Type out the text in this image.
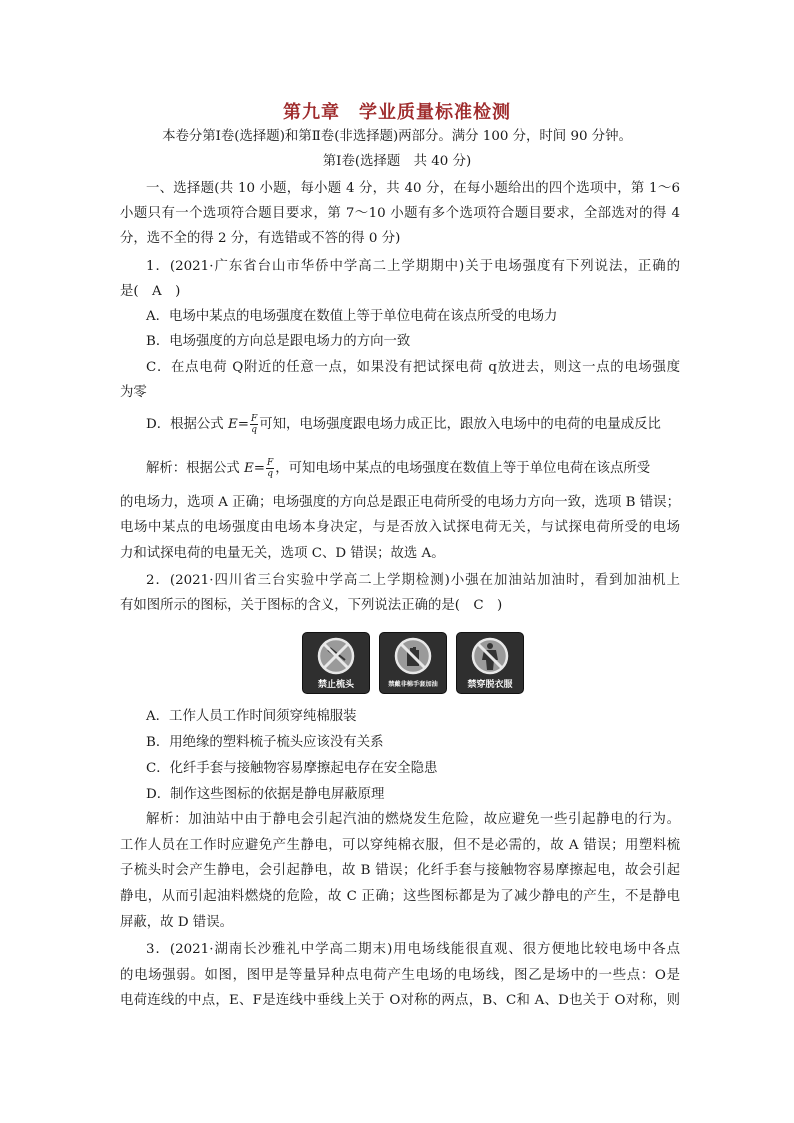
第九章　学业质量标准检测
本卷分第Ⅰ卷(选择题)和第Ⅱ卷(非选择题)两部分。满分 100 分，时间 90 分钟。
第Ⅰ卷(选择题　共 40 分)
一、选择题(共 10 小题，每小题 4 分，共 40 分，在每小题给出的四个选项中，第 1～6
小题只有一个选项符合题目要求，第 7～10 小题有多个选项符合题目要求，全部选对的得 4
分，选不全的得 2 分，有选错或不答的得 0 分)
1．(2021·广东省台山市华侨中学高二上学期期中)关于电场强度有下列说法，正确的
是(　A　)
A．电场中某点的电场强度在数值上等于单位电荷在该点所受的电场力
B．电场强度的方向总是跟电场力的方向一致
C．在点电荷 Q附近的任意一点，如果没有把试探电荷 q放进去，则这一点的电场强度
为零
D．根据公式 $E= \frac{F}{q}$ 可知，电场强度跟电场力成正比，跟放入电场中的电荷的电量成反比
解析：根据公式 $E= \frac{F}{q}$ ，可知电场中某点的电场强度在数值上等于单位电荷在该点所受
的电场力，选项 A 正确；电场强度的方向总是跟正电荷所受的电场力方向一致，选项 B 错误；
电场中某点的电场强度由电场本身决定，与是否放入试探电荷无关，与试探电荷所受的电场
力和试探电荷的电量无关，选项 C、D 错误；故选 A。
2．(2021·四川省三台实验中学高二上学期检测)小强在加油站加油时，看到加油机上
有如图所示的图标，关于图标的含义，下列说法正确的是(　C　)
禁止梳头	禁戴非棉手套加油	禁穿脱衣服
A．工作人员工作时间须穿纯棉服装
B．用绝缘的塑料梳子梳头应该没有关系
C．化纤手套与接触物容易摩擦起电存在安全隐患
D．制作这些图标的依据是静电屏蔽原理
解析：加油站中由于静电会引起汽油的燃烧发生危险，故应避免一些引起静电的行为。
工作人员在工作时应避免产生静电，可以穿纯棉衣服，但不是必需的，故 A 错误；用塑料梳
子梳头时会产生静电，会引起静电，故 B 错误；化纤手套与接触物容易摩擦起电，故会引起
静电，从而引起油料燃烧的危险，故 C 正确；这些图标都是为了减少静电的产生，不是静电
屏蔽，故 D 错误。
3．(2021·湖南长沙雅礼中学高二期末)用电场线能很直观、很方便地比较电场中各点
的电场强弱。如图，图甲是等量异种点电荷产生电场的电场线，图乙是场中的一些点：O是
电荷连线的中点，E、F是连线中垂线上关于 O对称的两点，B、C和 A、D也关于 O对称，则
